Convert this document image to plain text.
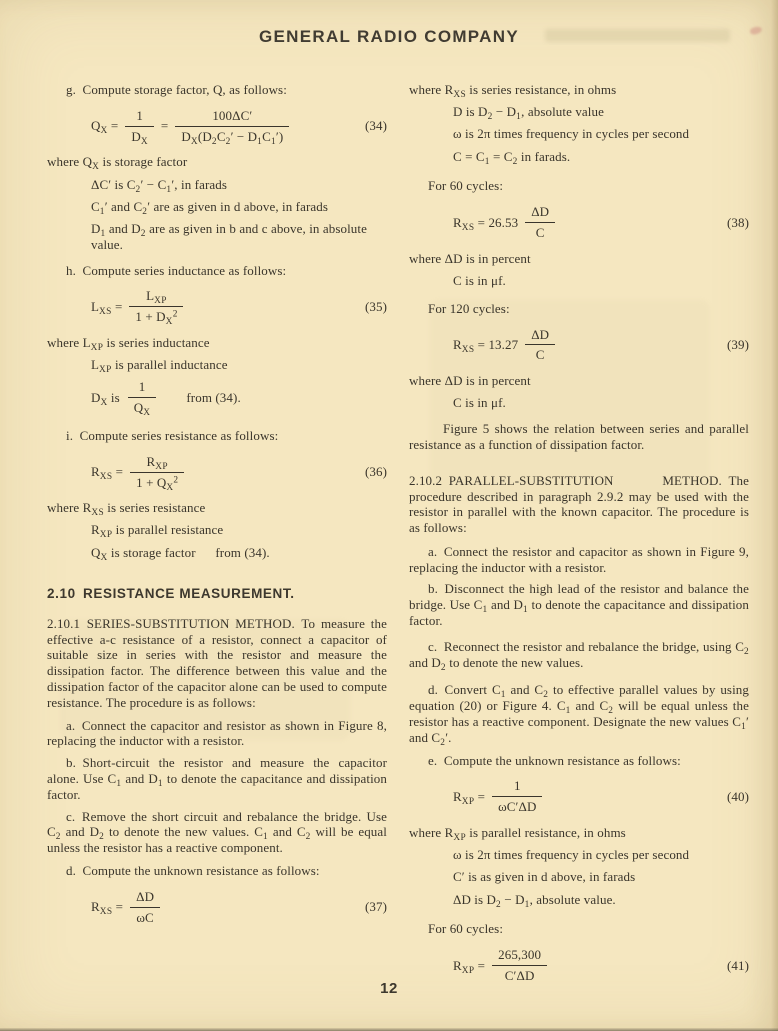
GENERAL RADIO COMPANY

g. Compute storage factor, Q, as follows:

$Q_X = \frac{1}{D_X} = \frac{100\Delta C'}{D_X(D_2C_2' - D_1C_1')}$	(34)
where $Q_X$ is storage factor
ΔC′ is $C_2' - C_1'$, in farads
$C_1'$ and $C_2'$ are as given in d above, in farads
$D_1$ and $D_2$ are as given in b and c above, in absolute value.

h. Compute series inductance as follows:

$L_{XS} = \frac{L_{XP}}{1 + D_X^2}$	(35)
where $L_{XP}$ is series inductance
$L_{XP}$ is parallel inductance
$D_X$ is $\frac{1}{Q_X}$ from (34).

i. Compute series resistance as follows:

$R_{XS} = \frac{R_{XP}}{1 + Q_X^2}$	(36)
where $R_{XS}$ is series resistance
$R_{XP}$ is parallel resistance
$Q_X$ is storage factor  from (34).

2.10 RESISTANCE MEASUREMENT.

2.10.1 SERIES-SUBSTITUTION METHOD. To measure the effective a-c resistance of a resistor, connect a capacitor of suitable size in series with the resistor and measure the dissipation factor. The difference between this value and the dissipation factor of the capacitor alone can be used to compute resistance. The procedure is as follows:

a. Connect the capacitor and resistor as shown in Figure 8, replacing the inductor with a resistor.

b. Short-circuit the resistor and measure the capacitor alone. Use $C_1$ and $D_1$ to denote the capacitance and dissipation factor.

c. Remove the short circuit and rebalance the bridge. Use $C_2$ and $D_2$ to denote the new values. $C_1$ and $C_2$ will be equal unless the resistor has a reactive component.

d. Compute the unknown resistance as follows:

$R_{XS} = \frac{\Delta D}{\omega C}$	(37)
where $R_{XS}$ is series resistance, in ohms
D is $D_2 - D_1$, absolute value
ω is 2π times frequency in cycles per second
$C = C_1 = C_2$ in farads.

For 60 cycles:

$R_{XS} = 26.53 \frac{\Delta D}{C}$	(38)
where ΔD is in percent
C is in μf.

For 120 cycles:

$R_{XS} = 13.27 \frac{\Delta D}{C}$	(39)
where ΔD is in percent
C is in μf.

Figure 5 shows the relation between series and parallel resistance as a function of dissipation factor.

2.10.2 PARALLEL-SUBSTITUTION METHOD. The procedure described in paragraph 2.9.2 may be used with the resistor in parallel with the known capacitor. The procedure is as follows:

a. Connect the resistor and capacitor as shown in Figure 9, replacing the inductor with a resistor.

b. Disconnect the high lead of the resistor and balance the bridge. Use $C_1$ and $D_1$ to denote the capacitance and dissipation factor.

c. Reconnect the resistor and rebalance the bridge, using $C_2$ and $D_2$ to denote the new values.

d. Convert $C_1$ and $C_2$ to effective parallel values by using equation (20) or Figure 4. $C_1$ and $C_2$ will be equal unless the resistor has a reactive component. Designate the new values $C_1'$ and $C_2'$.

e. Compute the unknown resistance as follows:

$R_{XP} = \frac{1}{\omega C'\Delta D}$	(40)
where $R_{XP}$ is parallel resistance, in ohms
ω is 2π times frequency in cycles per second
C′ is as given in d above, in farads
ΔD is $D_2 - D_1$, absolute value.

For 60 cycles:

$R_{XP} = \frac{265,300}{C'\Delta D}$	(41)
12
